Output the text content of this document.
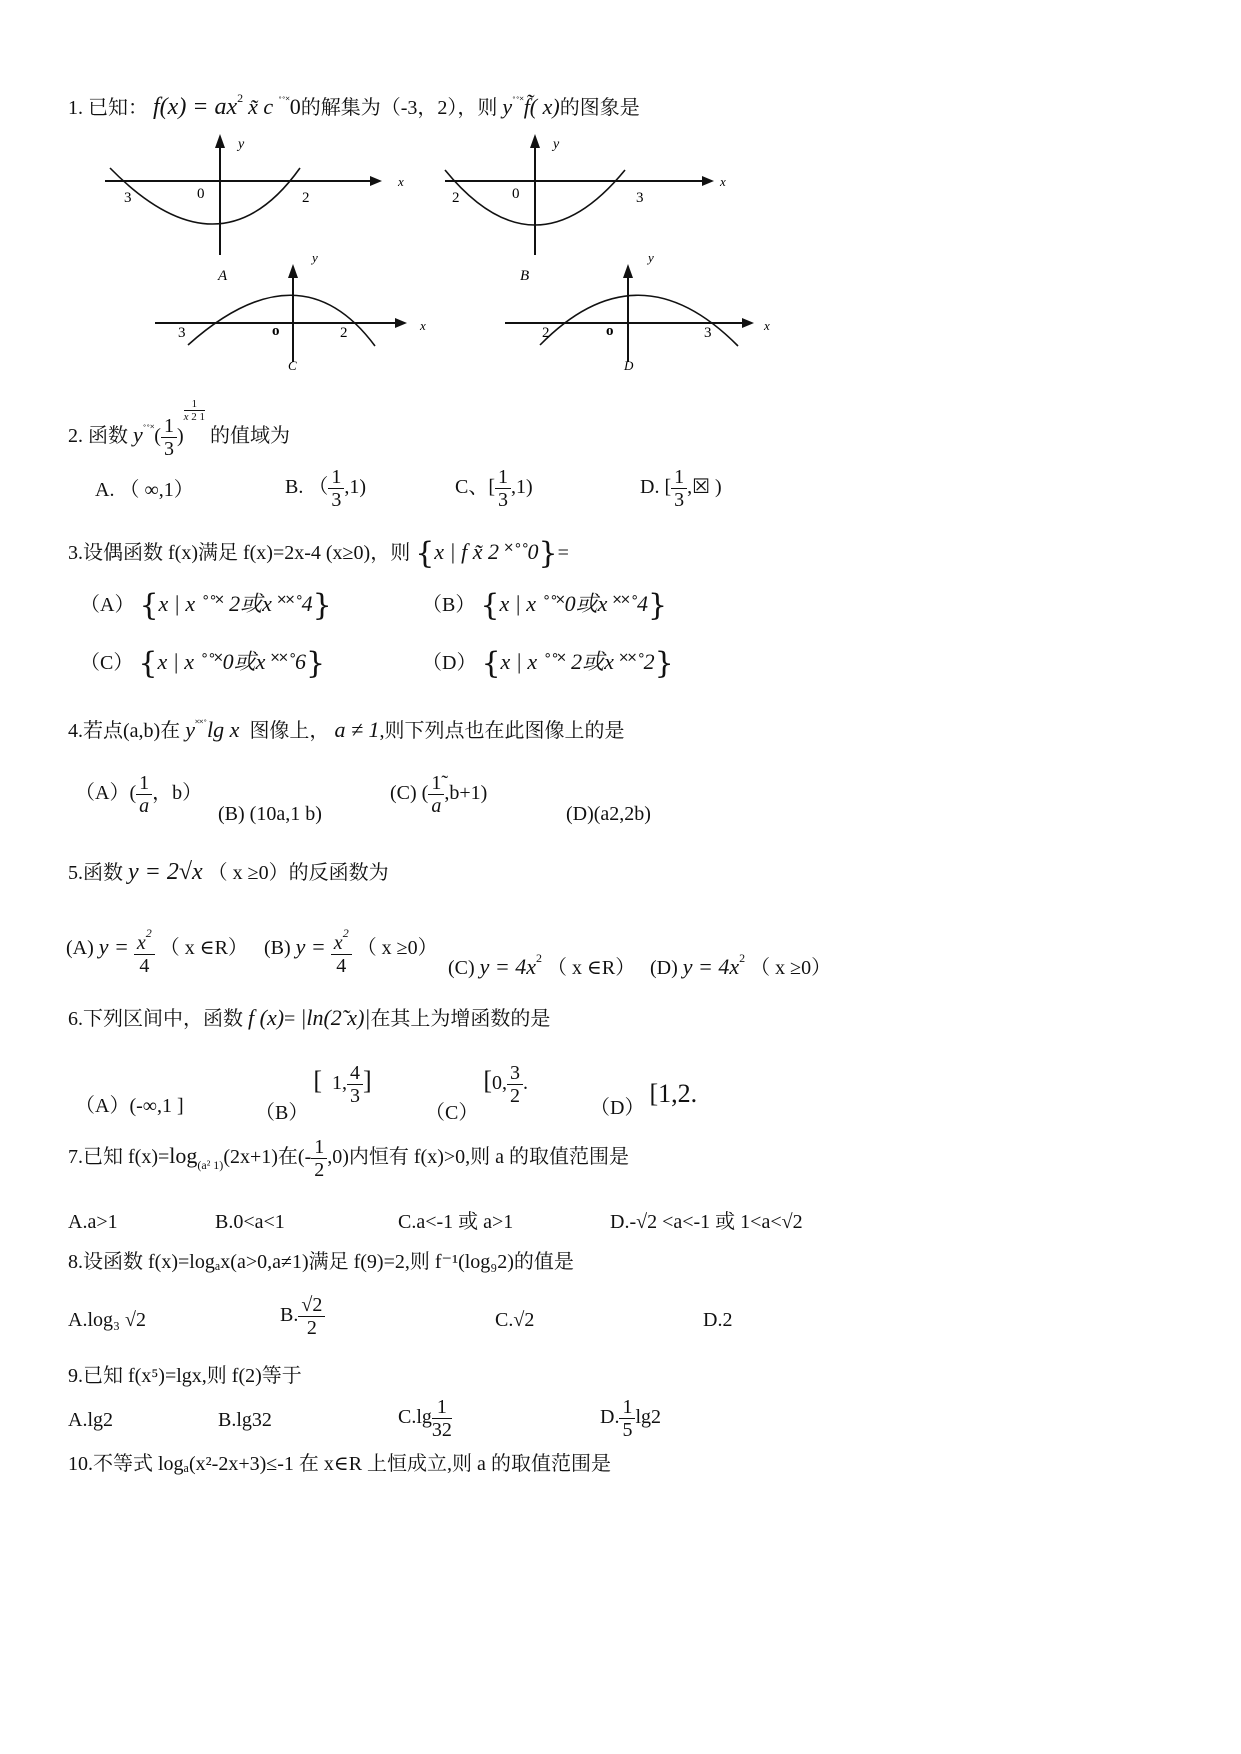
1. 已知： $f(x) = ax^2$ x̃ c ˚˚˟0的解集为（-3，2），则 y˚˚˟f̃( x)的图象是
y
x
3	0	2
A
y
x
2	0	3
B
y
x
3	o	2
C
y
x
2	o	3
D
2. 函数 $y^{˚˚˟}( \frac{1}{3}$ )
$\frac{1}{x 2 1}$
的值域为
A. （ ∞,1）	B. （ $\frac{1}{3} ,1$)	C、[ $\frac{1}{3} ,1$)	D. [ $\frac{1}{3}$ ,☒ )
3.设偶函数 f(x)满足 f(x)=2x-4 (x≥0)，则 {x | f x̃ 2 ˟˚˚0}=
（A） {x | x ˚˚˟ 2或x ˟˟˚4}	（B） {x | x ˚˚˟0或x ˟˟˚4}
（C） {x | x ˚˚˟0或x ˟˟˚6}	（D） {x | x ˚˚˟ 2或x ˟˟˚2}
4.若点(a,b)在 y˟˟˚lg x 图像上， a ≠ 1,则下列点也在此图像上的是
$(A)( \frac{1}{a}$ ，b）
(B) (10a,1 b)
(C) ( $\frac{1̃}{a} ,b+1$)
(D)(a2,2b)
5.函数 y = 2√x （ x ≥0）的反函数为
(A) $y = \frac{x^2}{4}$ （ x ∈R） (B) $y = \frac{x^2}{4}$ （ x ≥0）
(C) $y = 4x^2$ （ x ∈R） (D) $y = 4x^2$ （ x ≥0）
6.下列区间中，函数 f (x)= |ln(2̃ x)|在其上为增函数的是
（A）(-∞,1 ]	（B） [ 1, $\frac{4}{3}$ ]
（C） [0, $\frac{3}{2}$ .
（D） [1,2.
7.已知 $f(x)=\log_{(a^2 1)}(2x+1)$在(- $\frac{1}{2} ,0$)内恒有 f(x)>0,则 a 的取值范围是
A.a>1	B.0<a<1	C.a<-1 或 a>1	D.-√2 <a<-1 或 1<a<√2
8.设函数 f(x)=logₐx(a>0,a≠1)满足 f(9)=2,则 f⁻¹(log₉2)的值是
A.log₃ √2	B. $\frac{√2}{2}$	C.√2	D.2
9.已知 f(x⁵)=lgx,则 f(2)等于
A.lg2	B.lg32	$C.\lg \frac{1}{32}$	D. $\frac{1}{5} \lg 2$
10.不等式 logₐ(x²-2x+3)≤-1 在 x∈R 上恒成立,则 a 的取值范围是
